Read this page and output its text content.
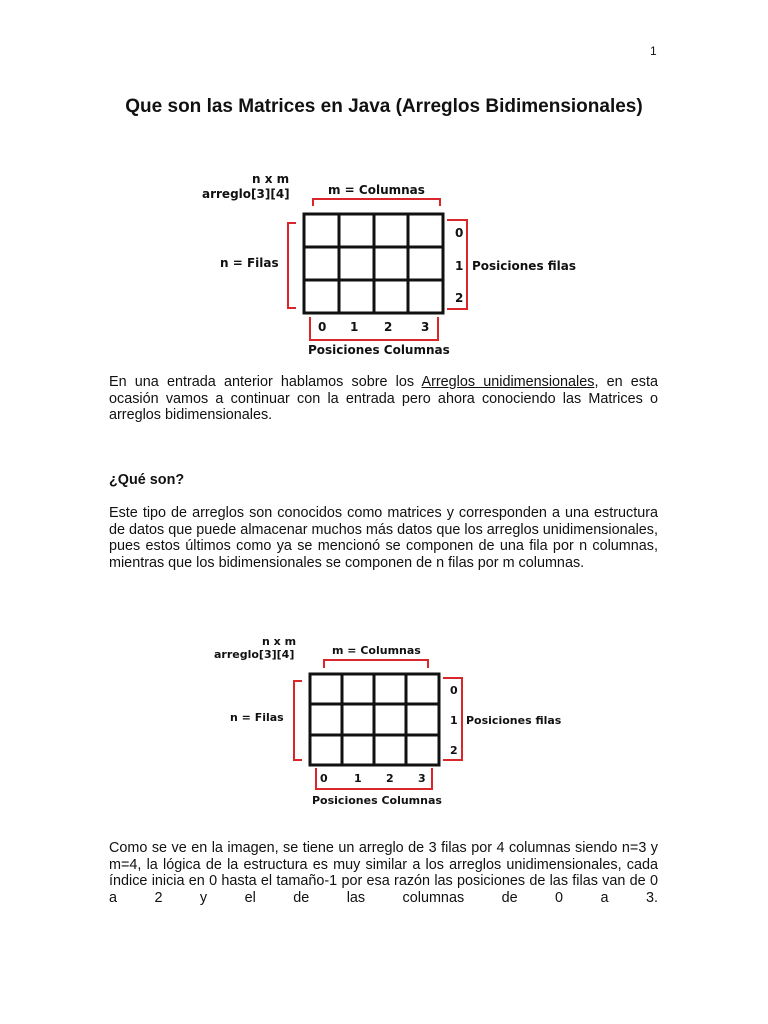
1
Que son las Matrices en Java (Arreglos Bidimensionales)
n x m
arreglo[3][4]	m = Columnas
n = Filas
0
1
2
Posiciones filas
0 1 2 3
Posiciones Columnas

En una entrada anterior hablamos sobre los Arreglos unidimensionales, en esta ocasión vamos a continuar con la entrada pero ahora conociendo las Matrices o arreglos bidimensionales.

¿Qué son?

Este tipo de arreglos son conocidos como matrices y corresponden a una estructura de datos que puede almacenar muchos más datos que los arreglos unidimensionales, pues estos últimos como ya se mencionó se componen de una fila por n columnas, mientras que los bidimensionales se componen de n filas por m columnas.

n x m
arreglo[3][4]	m = Columnas
n = Filas
0
1
2
Posiciones filas
0 1 2 3
Posiciones Columnas

Como se ve en la imagen, se tiene un arreglo de 3 filas por 4 columnas siendo n=3 y m=4, la lógica de la estructura es muy similar a los arreglos unidimensionales, cada índice inicia en 0 hasta el tamaño-1 por esa razón las posiciones de las filas van de 0 a 2 y el de las columnas de 0 a 3.
